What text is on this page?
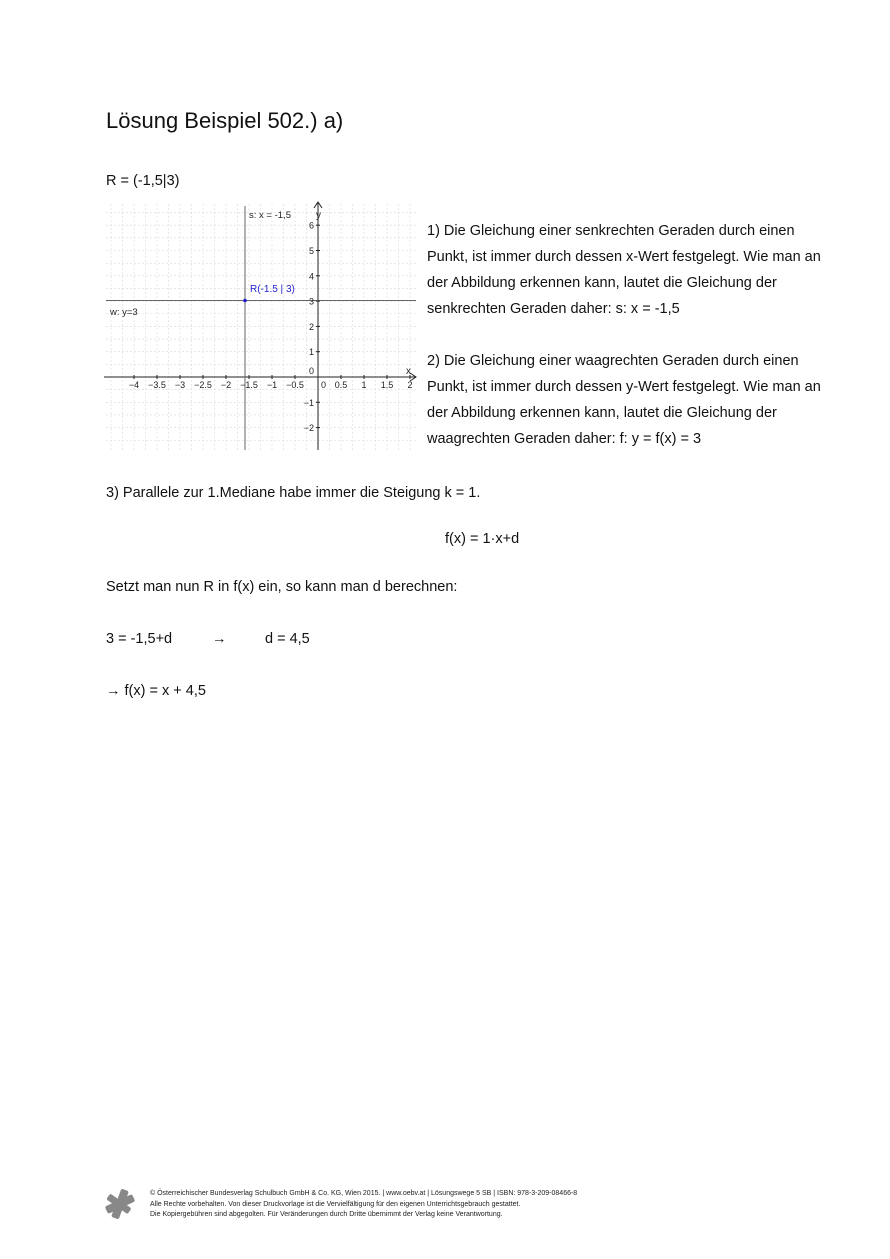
Lösung Beispiel 502.) a)
R = (-1,5|3)
−4 −3.5 −3 −2.5 −2 −1.5 −1 −0.5 0 0.5 1 1.5 2
6
5
4
3
2
1
0
−1
−2
x
y
s: x = -1,5
w: y=3
R(-1.5 | 3)
1) Die Gleichung einer senkrechten Geraden durch einen Punkt, ist immer durch dessen x-Wert festgelegt. Wie man an der Abbildung erkennen kann, lautet die Gleichung der senkrechten Geraden daher: s: x = -1,5
2) Die Gleichung einer waagrechten Geraden durch einen Punkt, ist immer durch dessen y-Wert festgelegt. Wie man an der Abbildung erkennen kann, lautet die Gleichung der waagrechten Geraden daher: f: y = f(x) = 3
3) Parallele zur 1.Mediane habe immer die Steigung k = 1.
f(x) = 1·x+d
Setzt man nun R in f(x) ein, so kann man d berechnen:
3 = -1,5+d	→	d = 4,5
→ f(x) = x + 4,5
© Österreichischer Bundesverlag Schulbuch GmbH & Co. KG, Wien 2015. | www.oebv.at | Lösungswege 5 SB | ISBN: 978-3-209-08466-8
Alle Rechte vorbehalten. Von dieser Druckvorlage ist die Vervielfältigung für den eigenen Unterrichtsgebrauch gestattet.
Die Kopiergebühren sind abgegolten. Für Veränderungen durch Dritte übernimmt der Verlag keine Verantwortung.
